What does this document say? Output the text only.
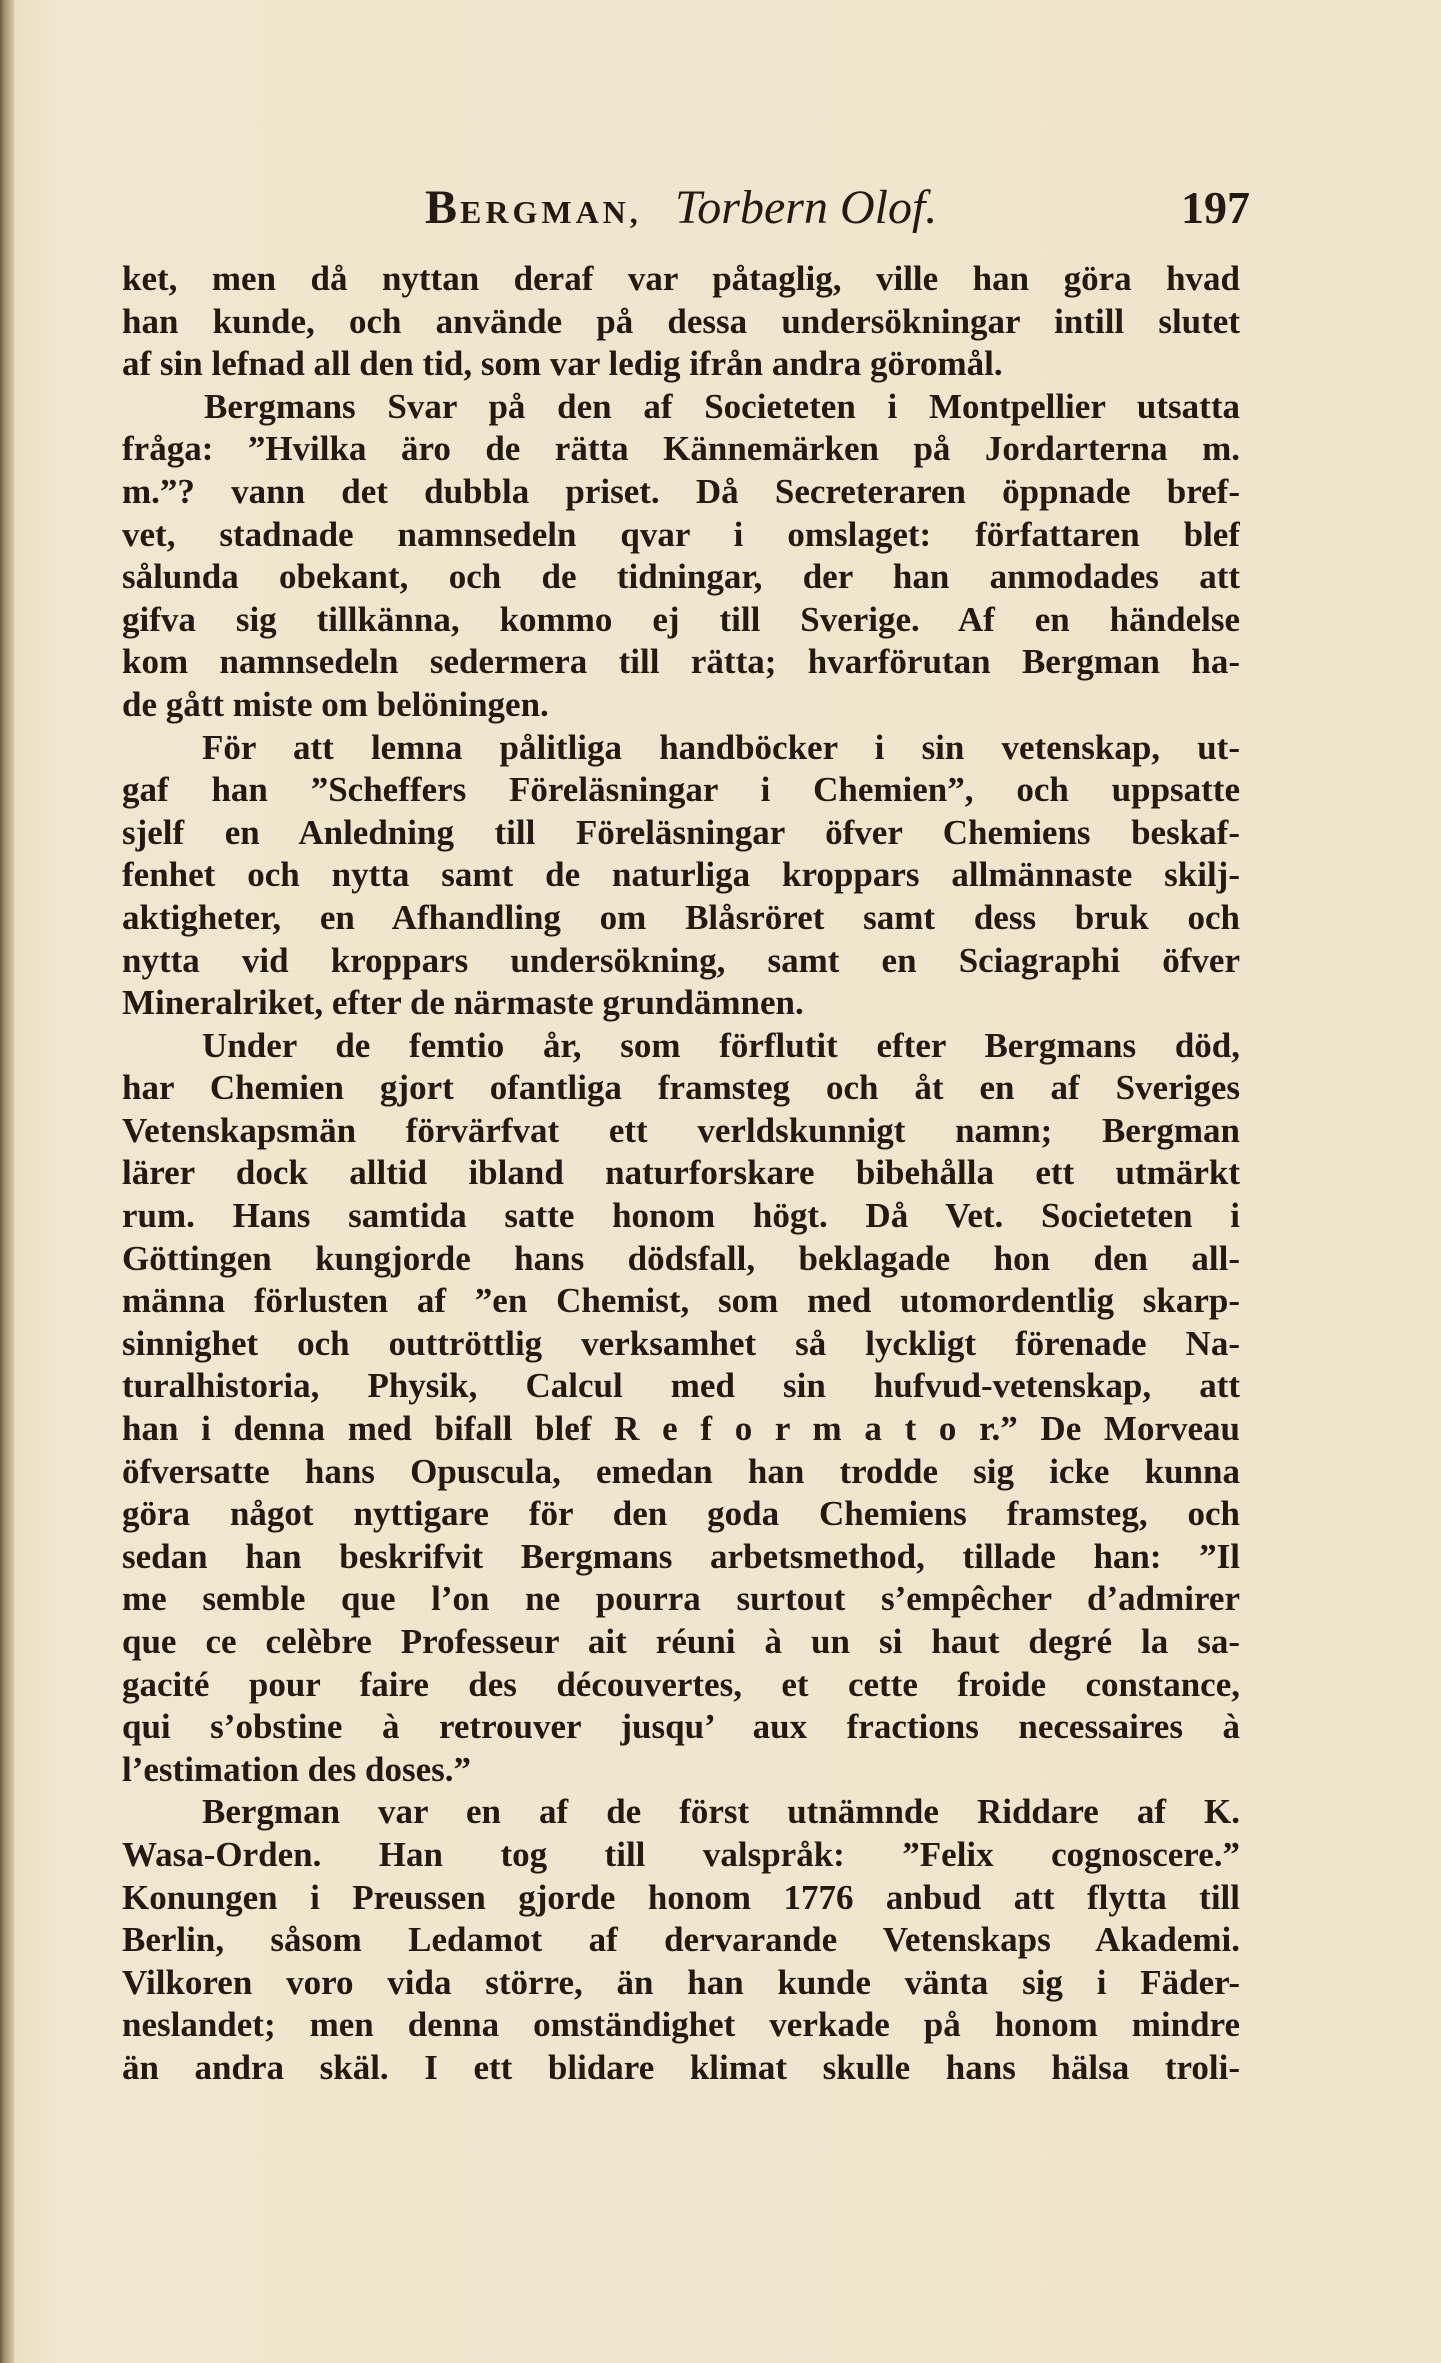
BERGMAN, Torbern Olof.	197
ket, men då nyttan deraf var påtaglig, ville han göra hvad
han kunde, och använde på dessa undersökningar intill slutet
af sin lefnad all den tid, som var ledig ifrån andra göromål.
Bergmans Svar på den af Societeten i Montpellier utsatta
fråga: ”Hvilka äro de rätta Kännemärken på Jordarterna m.
m.”? vann det dubbla priset. Då Secreteraren öppnade bref-
vet, stadnade namnsedeln qvar i omslaget: författaren blef
sålunda obekant, och de tidningar, der han anmodades att
gifva sig tillkänna, kommo ej till Sverige. Af en händelse
kom namnsedeln sedermera till rätta; hvarförutan Bergman ha-
de gått miste om belöningen.
För att lemna pålitliga handböcker i sin vetenskap, ut-
gaf han ”Scheffers Föreläsningar i Chemien”, och uppsatte
sjelf en Anledning till Föreläsningar öfver Chemiens beskaf-
fenhet och nytta samt de naturliga kroppars allmännaste skilj-
aktigheter, en Afhandling om Blåsröret samt dess bruk och
nytta vid kroppars undersökning, samt en Sciagraphi öfver
Mineralriket, efter de närmaste grundämnen.
Under de femtio år, som förflutit efter Bergmans död,
har Chemien gjort ofantliga framsteg och åt en af Sveriges
Vetenskapsmän förvärfvat ett verldskunnigt namn; Bergman
lärer dock alltid ibland naturforskare bibehålla ett utmärkt
rum. Hans samtida satte honom högt. Då Vet. Societeten i
Göttingen kungjorde hans dödsfall, beklagade hon den all-
männa förlusten af ”en Chemist, som med utomordentlig skarp-
sinnighet och outtröttlig verksamhet så lyckligt förenade Na-
turalhistoria, Physik, Calcul med sin hufvud-vetenskap, att
han i denna med bifall blef R e f o r m a t o r.” De Morveau
öfversatte hans Opuscula, emedan han trodde sig icke kunna
göra något nyttigare för den goda Chemiens framsteg, och
sedan han beskrifvit Bergmans arbetsmethod, tillade han: ”Il
me semble que l’on ne pourra surtout s’empêcher d’admirer
que ce celèbre Professeur ait réuni à un si haut degré la sa-
gacité pour faire des découvertes, et cette froide constance,
qui s’obstine à retrouver jusqu’ aux fractions necessaires à
l’estimation des doses.”
Bergman var en af de först utnämnde Riddare af K.
Wasa-Orden. Han tog till valspråk: ”Felix cognoscere.”
Konungen i Preussen gjorde honom 1776 anbud att flytta till
Berlin, såsom Ledamot af dervarande Vetenskaps Akademi.
Vilkoren voro vida större, än han kunde vänta sig i Fäder-
neslandet; men denna omständighet verkade på honom mindre
än andra skäl. I ett blidare klimat skulle hans hälsa troli-
